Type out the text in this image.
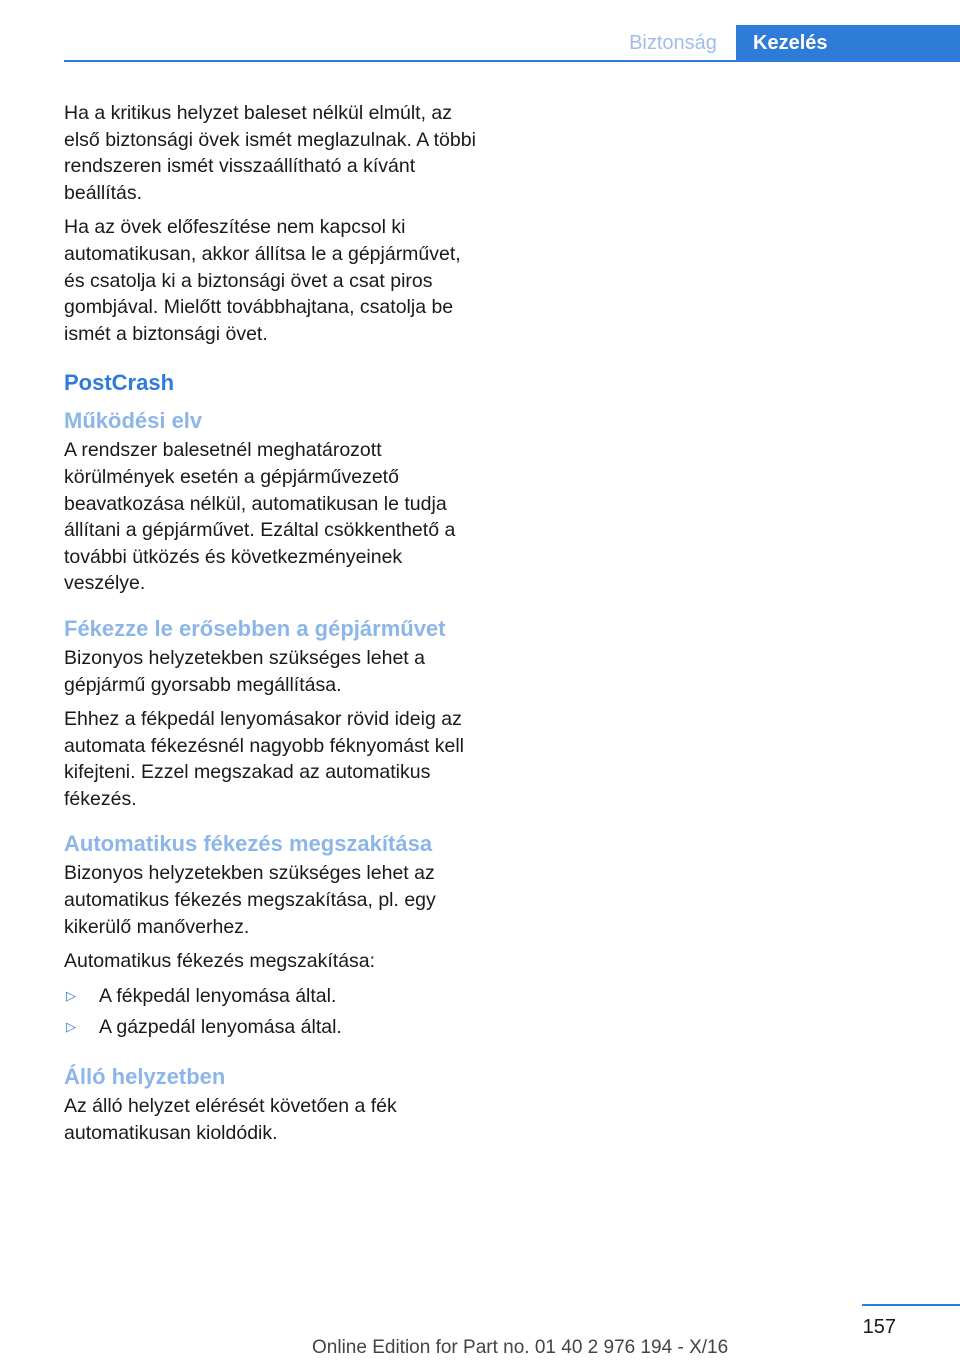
Biztonság	Kezelés

Ha a kritikus helyzet baleset nélkül elmúlt, az első biztonsági övek ismét meglazulnak. A többi rendszeren ismét visszaállítható a kívánt beállítás.

Ha az övek előfeszítése nem kapcsol ki automatikusan, akkor állítsa le a gépjárművet, és csatolja ki a biztonsági övet a csat piros gombjával. Mielőtt továbbhajtana, csatolja be ismét a biztonsági övet.

PostCrash
Működési elv

A rendszer balesetnél meghatározott körülmények esetén a gépjárművezető beavatkozása nélkül, automatikusan le tudja állítani a gépjárművet. Ezáltal csökkenthető a további ütközés és következményeinek veszélye.

Fékezze le erősebben a gépjárművet

Bizonyos helyzetekben szükséges lehet a gépjármű gyorsabb megállítása.

Ehhez a fékpedál lenyomásakor rövid ideig az automata fékezésnél nagyobb féknyomást kell kifejteni. Ezzel megszakad az automatikus fékezés.

Automatikus fékezés megszakítása

Bizonyos helyzetekben szükséges lehet az automatikus fékezés megszakítása, pl. egy kikerülő manőverhez.

Automatikus fékezés megszakítása:

▷ A fékpedál lenyomása által.
▷ A gázpedál lenyomása által.
Álló helyzetben

Az álló helyzet elérését követően a fék automatikusan kioldódik.

157
Online Edition for Part no. 01 40 2 976 194 - X/16
